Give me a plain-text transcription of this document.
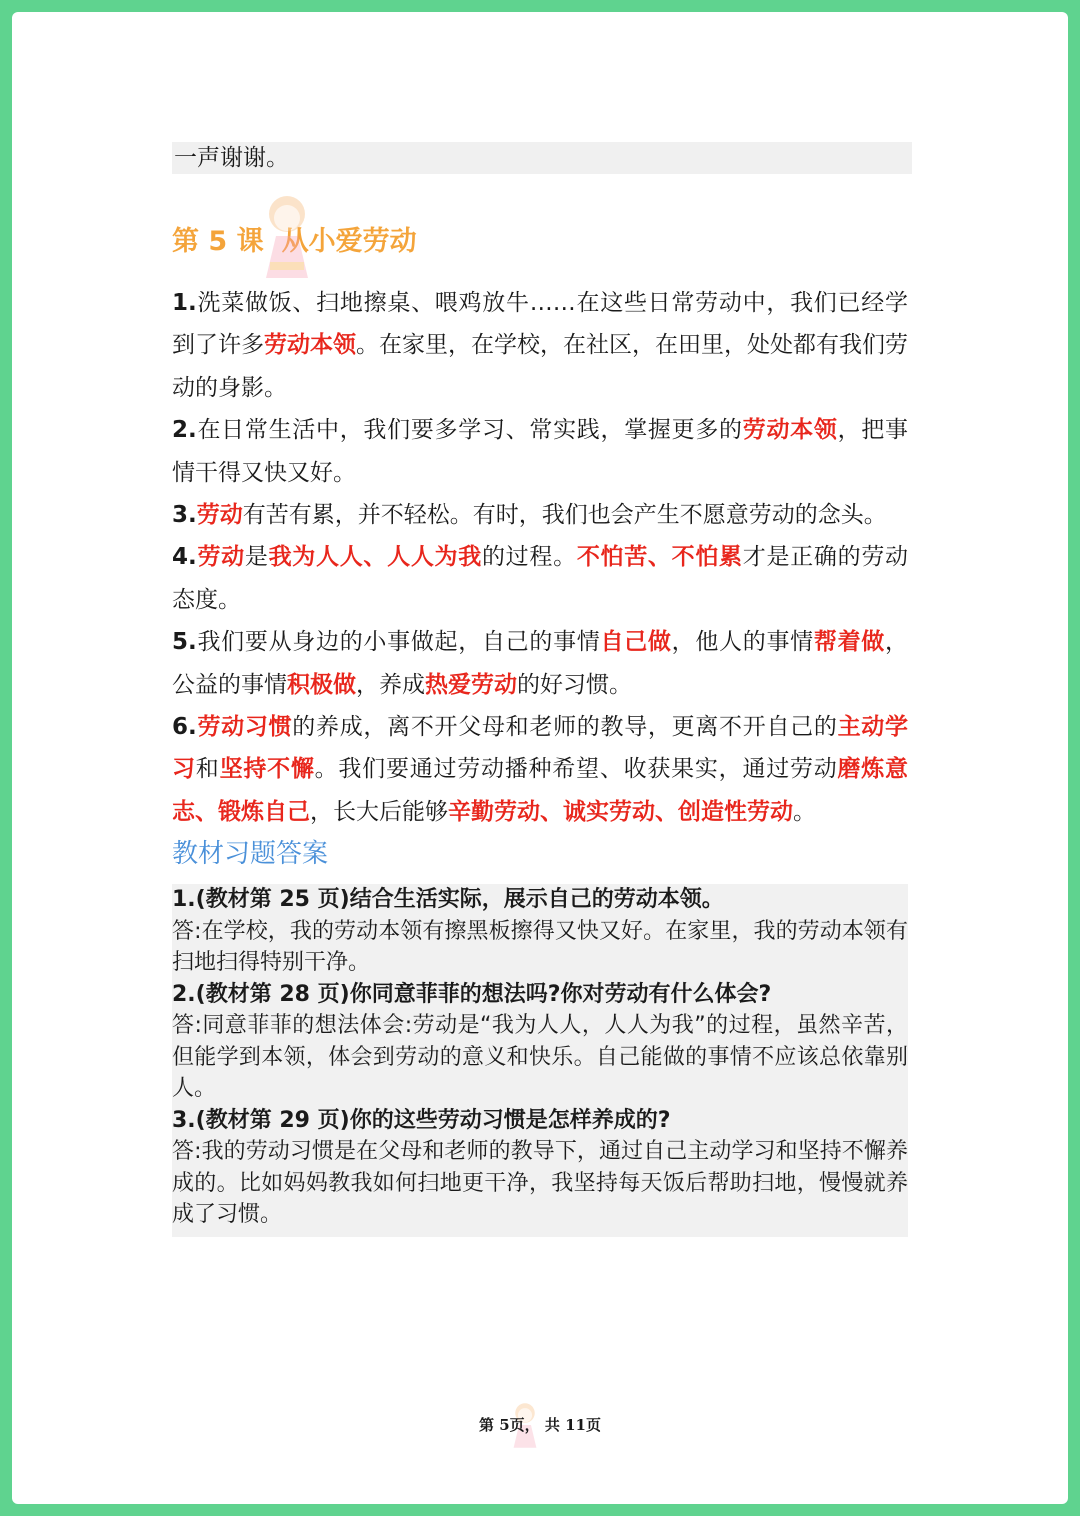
一声谢谢。
第 5 课 从小爱劳动

1.洗菜做饭、扫地擦桌、喂鸡放牛……在这些日常劳动中，我们已经学到了许多劳动本领。在家里，在学校，在社区，在田里，处处都有我们劳动的身影。

2.在日常生活中，我们要多学习、常实践，掌握更多的劳动本领，把事情干得又快又好。

3.劳动有苦有累，并不轻松。有时，我们也会产生不愿意劳动的念头。

4.劳动是我为人人、人人为我的过程。不怕苦、不怕累才是正确的劳动态度。

5.我们要从身边的小事做起，自己的事情自己做，他人的事情帮着做，公益的事情积极做，养成热爱劳动的好习惯。

6.劳动习惯的养成，离不开父母和老师的教导，更离不开自己的主动学习和坚持不懈。我们要通过劳动播种希望、收获果实，通过劳动磨炼意志、锻炼自己，长大后能够辛勤劳动、诚实劳动、创造性劳动。

教材习题答案

1.(教材第 25 页)结合生活实际，展示自己的劳动本领。

答:在学校，我的劳动本领有擦黑板擦得又快又好。在家里，我的劳动本领有扫地扫得特别干净。

2.(教材第 28 页)你同意菲菲的想法吗?你对劳动有什么体会?

答:同意菲菲的想法体会:劳动是“我为人人，人人为我”的过程，虽然辛苦，但能学到本领，体会到劳动的意义和快乐。自己能做的事情不应该总依靠别人。

3.(教材第 29 页)你的这些劳动习惯是怎样养成的?

答:我的劳动习惯是在父母和老师的教导下，通过自己主动学习和坚持不懈养成的。比如妈妈教我如何扫地更干净，我坚持每天饭后帮助扫地，慢慢就养成了习惯。

第 5页， 共 11页
